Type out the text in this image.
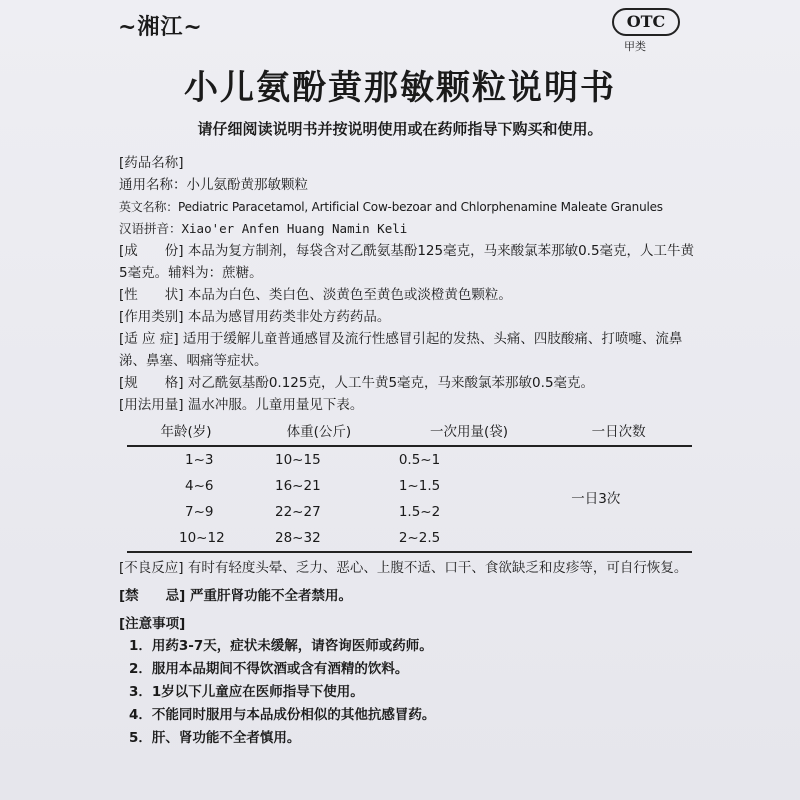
~湘江~	OTC
甲类
小儿氨酚黄那敏颗粒说明书
请仔细阅读说明书并按说明使用或在药师指导下购买和使用。
[药品名称]
通用名称：小儿氨酚黄那敏颗粒
英文名称：Pediatric Paracetamol, Artificial Cow-bezoar and Chlorphenamine Maleate Granules
汉语拼音：Xiao'er Anfen Huang Namin Keli
[成　　份] 本品为复方制剂，每袋含对乙酰氨基酚125毫克，马来酸氯苯那敏0.5毫克，人工牛黄5毫克。辅料为：蔗糖。
[性　　状] 本品为白色、类白色、淡黄色至黄色或淡橙黄色颗粒。
[作用类别] 本品为感冒用药类非处方药药品。
[适 应 症] 适用于缓解儿童普通感冒及流行性感冒引起的发热、头痛、四肢酸痛、打喷嚏、流鼻涕、鼻塞、咽痛等症状。
[规　　格] 对乙酰氨基酚0.125克，人工牛黄5毫克，马来酸氯苯那敏0.5毫克。
[用法用量] 温水冲服。儿童用量见下表。
年龄(岁)	体重(公斤)	一次用量(袋)	一日次数
1~3	10~15	0.5~1	一日3次
4~6	16~21	1~1.5	
7~9	22~27	1.5~2	
10~12	28~32	2~2.5	
[不良反应] 有时有轻度头晕、乏力、恶心、上腹不适、口干、食欲缺乏和皮疹等，可自行恢复。
[禁　　忌] 严重肝肾功能不全者禁用。
[注意事项]
1．用药3-7天，症状未缓解，请咨询医师或药师。
2．服用本品期间不得饮酒或含有酒精的饮料。
3．1岁以下儿童应在医师指导下使用。
4．不能同时服用与本品成份相似的其他抗感冒药。
5．肝、肾功能不全者慎用。
